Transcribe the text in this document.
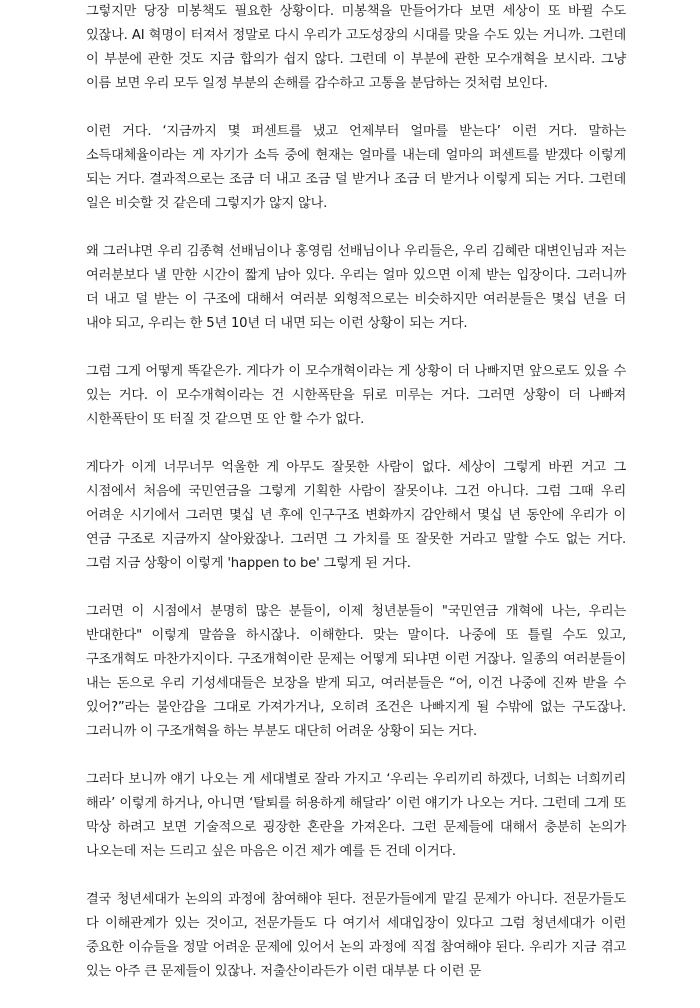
그렇지만 당장 미봉책도 필요한 상황이다. 미봉책을 만들어가다 보면 세상이 또 바뀔 수도 있잖나. AI 혁명이 터져서 정말로 다시 우리가 고도성장의 시대를 맞을 수도 있는 거니까. 그런데 이 부분에 관한 것도 지금 합의가 쉽지 않다. 그런데 이 부분에 관한 모수개혁을 보시라. 그냥 이름 보면 우리 모두 일정 부분의 손해를 감수하고 고통을 분담하는 것처럼 보인다.

이런 거다. ‘지금까지 몇 퍼센트를 냈고 언제부터 얼마를 받는다’ 이런 거다. 말하는 소득대체율이라는 게 자기가 소득 중에 현재는 얼마를 내는데 얼마의 퍼센트를 받겠다 이렇게 되는 거다. 결과적으로는 조금 더 내고 조금 덜 받거나 조금 더 받거나 이렇게 되는 거다. 그런데 일은 비슷할 것 같은데 그렇지가 않지 않나.

왜 그러냐면 우리 김종혁 선배님이나 홍영림 선배님이나 우리들은, 우리 김혜란 대변인님과 저는 여러분보다 낼 만한 시간이 짧게 남아 있다. 우리는 얼마 있으면 이제 받는 입장이다. 그러니까 더 내고 덜 받는 이 구조에 대해서 여러분 외형적으로는 비슷하지만 여러분들은 몇십 년을 더 내야 되고, 우리는 한 5년 10년 더 내면 되는 이런 상황이 되는 거다.

그럼 그게 어떻게 똑같은가. 게다가 이 모수개혁이라는 게 상황이 더 나빠지면 앞으로도 있을 수 있는 거다. 이 모수개혁이라는 건 시한폭탄을 뒤로 미루는 거다. 그러면 상황이 더 나빠져 시한폭탄이 또 터질 것 같으면 또 안 할 수가 없다.

게다가 이게 너무너무 억울한 게 아무도 잘못한 사람이 없다. 세상이 그렇게 바뀐 거고 그 시점에서 처음에 국민연금을 그렇게 기획한 사람이 잘못이냐. 그건 아니다. 그럼 그때 우리 어려운 시기에서 그러면 몇십 년 후에 인구구조 변화까지 감안해서 몇십 년 동안에 우리가 이 연금 구조로 지금까지 살아왔잖나. 그러면 그 가치를 또 잘못한 거라고 말할 수도 없는 거다. 그럼 지금 상황이 이렇게 'happen to be' 그렇게 된 거다.

그러면 이 시점에서 분명히 많은 분들이, 이제 청년분들이 "국민연금 개혁에 나는, 우리는 반대한다" 이렇게 말씀을 하시잖나. 이해한다. 맞는 말이다. 나중에 또 틀릴 수도 있고, 구조개혁도 마찬가지이다. 구조개혁이란 문제는 어떻게 되냐면 이런 거잖나. 일종의 여러분들이 내는 돈으로 우리 기성세대들은 보장을 받게 되고, 여러분들은 “어, 이건 나중에 진짜 받을 수 있어?”라는 불안감을 그대로 가져가거나, 오히려 조건은 나빠지게 될 수밖에 없는 구도잖나. 그러니까 이 구조개혁을 하는 부분도 대단히 어려운 상황이 되는 거다.

그러다 보니까 얘기 나오는 게 세대별로 잘라 가지고 ‘우리는 우리끼리 하겠다, 너희는 너희끼리 해라’ 이렇게 하거나, 아니면 ‘탈퇴를 허용하게 해달라’ 이런 얘기가 나오는 거다. 그런데 그게 또 막상 하려고 보면 기술적으로 굉장한 혼란을 가져온다. 그런 문제들에 대해서 충분히 논의가 나오는데 저는 드리고 싶은 마음은 이건 제가 예를 든 건데 이거다.

결국 청년세대가 논의의 과정에 참여해야 된다. 전문가들에게 맡길 문제가 아니다. 전문가들도 다 이해관계가 있는 것이고, 전문가들도 다 여기서 세대입장이 있다고 그럼 청년세대가 이런 중요한 이슈들을 정말 어려운 문제에 있어서 논의 과정에 직접 참여해야 된다. 우리가 지금 겪고 있는 아주 큰 문제들이 있잖나. 저출산이라든가 이런 대부분 다 이런 문
